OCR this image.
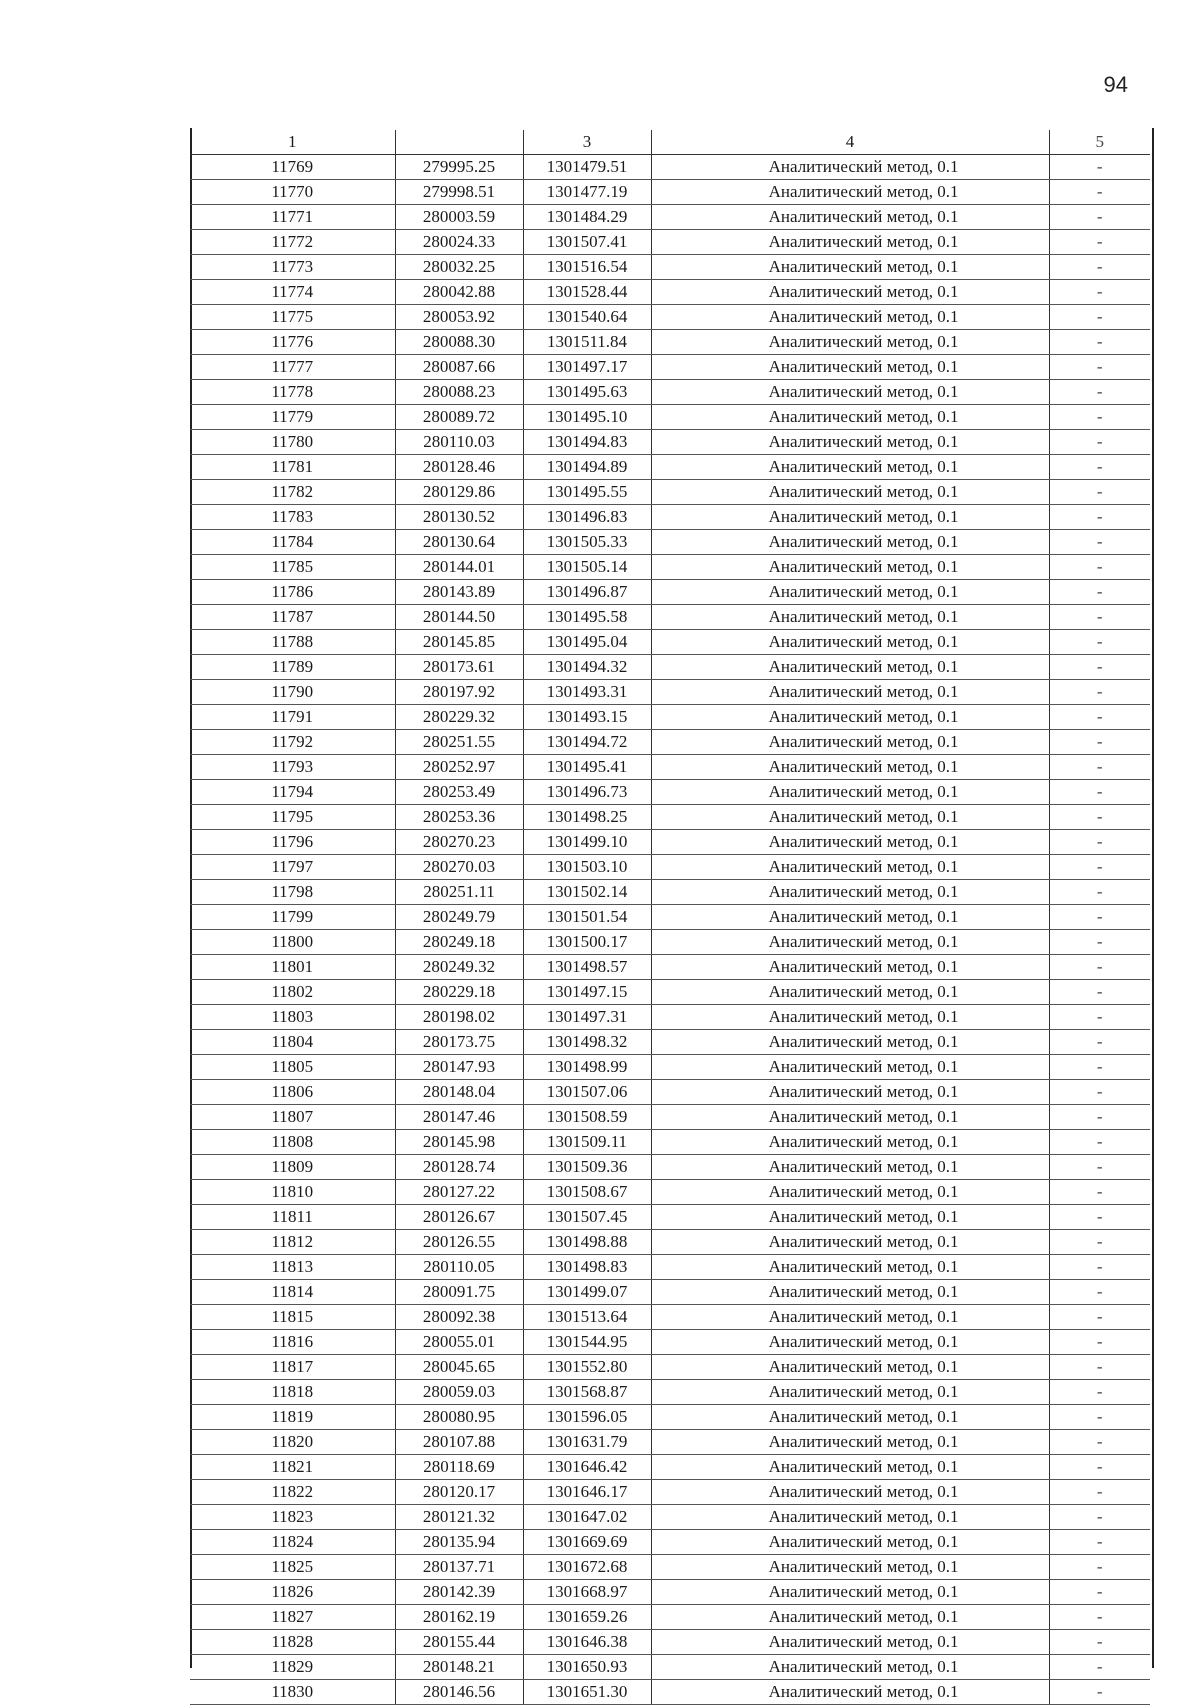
94
1		3	4	5
11769	279995.25	1301479.51	Аналитический метод, 0.1	-
11770	279998.51	1301477.19	Аналитический метод, 0.1	-
11771	280003.59	1301484.29	Аналитический метод, 0.1	-
11772	280024.33	1301507.41	Аналитический метод, 0.1	-
11773	280032.25	1301516.54	Аналитический метод, 0.1	-
11774	280042.88	1301528.44	Аналитический метод, 0.1	-
11775	280053.92	1301540.64	Аналитический метод, 0.1	-
11776	280088.30	1301511.84	Аналитический метод, 0.1	-
11777	280087.66	1301497.17	Аналитический метод, 0.1	-
11778	280088.23	1301495.63	Аналитический метод, 0.1	-
11779	280089.72	1301495.10	Аналитический метод, 0.1	-
11780	280110.03	1301494.83	Аналитический метод, 0.1	-
11781	280128.46	1301494.89	Аналитический метод, 0.1	-
11782	280129.86	1301495.55	Аналитический метод, 0.1	-
11783	280130.52	1301496.83	Аналитический метод, 0.1	-
11784	280130.64	1301505.33	Аналитический метод, 0.1	-
11785	280144.01	1301505.14	Аналитический метод, 0.1	-
11786	280143.89	1301496.87	Аналитический метод, 0.1	-
11787	280144.50	1301495.58	Аналитический метод, 0.1	-
11788	280145.85	1301495.04	Аналитический метод, 0.1	-
11789	280173.61	1301494.32	Аналитический метод, 0.1	-
11790	280197.92	1301493.31	Аналитический метод, 0.1	-
11791	280229.32	1301493.15	Аналитический метод, 0.1	-
11792	280251.55	1301494.72	Аналитический метод, 0.1	-
11793	280252.97	1301495.41	Аналитический метод, 0.1	-
11794	280253.49	1301496.73	Аналитический метод, 0.1	-
11795	280253.36	1301498.25	Аналитический метод, 0.1	-
11796	280270.23	1301499.10	Аналитический метод, 0.1	-
11797	280270.03	1301503.10	Аналитический метод, 0.1	-
11798	280251.11	1301502.14	Аналитический метод, 0.1	-
11799	280249.79	1301501.54	Аналитический метод, 0.1	-
11800	280249.18	1301500.17	Аналитический метод, 0.1	-
11801	280249.32	1301498.57	Аналитический метод, 0.1	-
11802	280229.18	1301497.15	Аналитический метод, 0.1	-
11803	280198.02	1301497.31	Аналитический метод, 0.1	-
11804	280173.75	1301498.32	Аналитический метод, 0.1	-
11805	280147.93	1301498.99	Аналитический метод, 0.1	-
11806	280148.04	1301507.06	Аналитический метод, 0.1	-
11807	280147.46	1301508.59	Аналитический метод, 0.1	-
11808	280145.98	1301509.11	Аналитический метод, 0.1	-
11809	280128.74	1301509.36	Аналитический метод, 0.1	-
11810	280127.22	1301508.67	Аналитический метод, 0.1	-
11811	280126.67	1301507.45	Аналитический метод, 0.1	-
11812	280126.55	1301498.88	Аналитический метод, 0.1	-
11813	280110.05	1301498.83	Аналитический метод, 0.1	-
11814	280091.75	1301499.07	Аналитический метод, 0.1	-
11815	280092.38	1301513.64	Аналитический метод, 0.1	-
11816	280055.01	1301544.95	Аналитический метод, 0.1	-
11817	280045.65	1301552.80	Аналитический метод, 0.1	-
11818	280059.03	1301568.87	Аналитический метод, 0.1	-
11819	280080.95	1301596.05	Аналитический метод, 0.1	-
11820	280107.88	1301631.79	Аналитический метод, 0.1	-
11821	280118.69	1301646.42	Аналитический метод, 0.1	-
11822	280120.17	1301646.17	Аналитический метод, 0.1	-
11823	280121.32	1301647.02	Аналитический метод, 0.1	-
11824	280135.94	1301669.69	Аналитический метод, 0.1	-
11825	280137.71	1301672.68	Аналитический метод, 0.1	-
11826	280142.39	1301668.97	Аналитический метод, 0.1	-
11827	280162.19	1301659.26	Аналитический метод, 0.1	-
11828	280155.44	1301646.38	Аналитический метод, 0.1	-
11829	280148.21	1301650.93	Аналитический метод, 0.1	-
11830	280146.56	1301651.30	Аналитический метод, 0.1	-
